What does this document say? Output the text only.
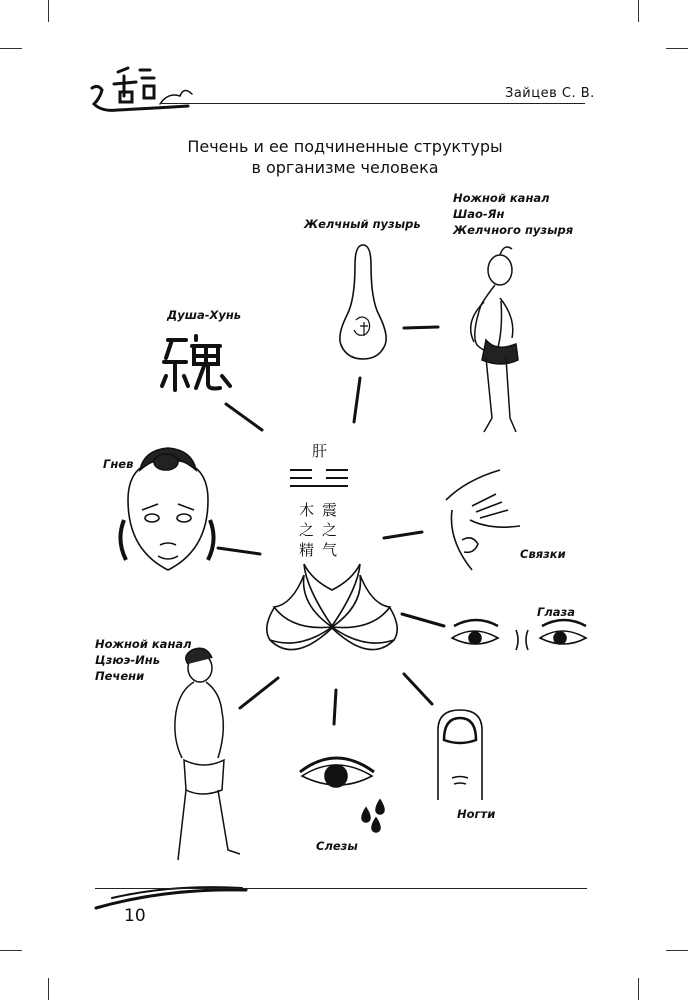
Зайцев С. В.
Печень и ее подчиненные структуры
в организме человека
肝
木
之
精
震
之
气
Желчный пузырь
Ножной канал
Шао-Ян
Желчного пузыря
Душа-Хунь
Гнев
Связки
Глаза
Ножной канал
Цзюэ-Инь
Печени
Слезы
Ногти
10
